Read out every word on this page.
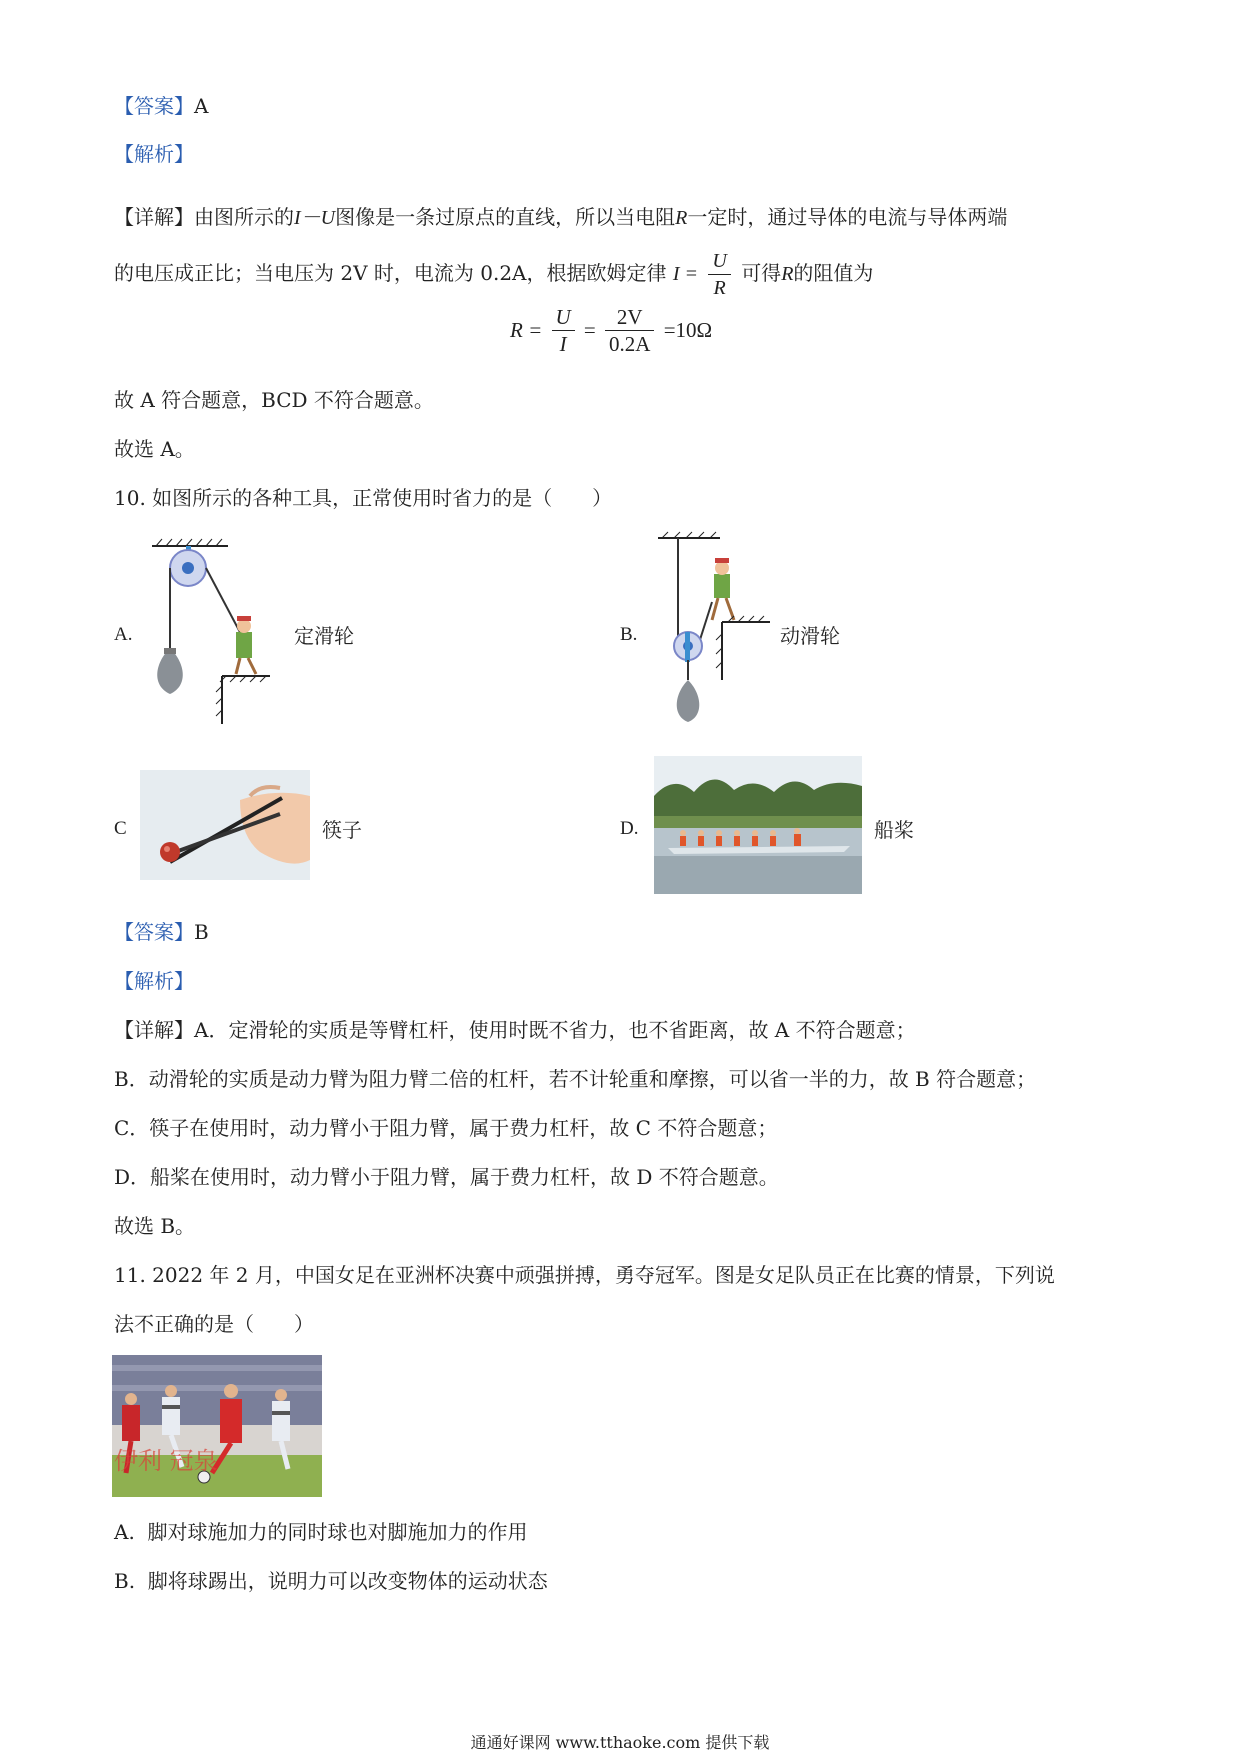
【答案】A
【解析】
【详解】由图所示的I－U图像是一条过原点的直线，所以当电阻R一定时，通过导体的电流与导体两端
的电压成正比；当电压为 2V 时，电流为 0.2A，根据欧姆定律 $I = \frac{U}{R}$ 可得R的阻值为
$R = \frac{U}{I} = \frac{2V}{0.2A} =10\Omega$
故 A 符合题意，BCD 不符合题意。
故选 A。
10. 如图所示的各种工具，正常使用时省力的是（　　）
A.	定滑轮	B.	动滑轮
C	筷子	D.	船桨
【答案】B
【解析】
【详解】A．定滑轮的实质是等臂杠杆，使用时既不省力，也不省距离，故 A 不符合题意；
B．动滑轮的实质是动力臂为阻力臂二倍的杠杆，若不计轮重和摩擦，可以省一半的力，故 B 符合题意；
C．筷子在使用时，动力臂小于阻力臂，属于费力杠杆，故 C 不符合题意；
D．船桨在使用时，动力臂小于阻力臂，属于费力杠杆，故 D 不符合题意。
故选 B。
11. 2022 年 2 月，中国女足在亚洲杯决赛中顽强拼搏，勇夺冠军。图是女足队员正在比赛的情景，下列说
法不正确的是（　　）
伊利 冠泉
A. 脚对球施加力的同时球也对脚施加力的作用
B. 脚将球踢出，说明力可以改变物体的运动状态
通通好课网 www.tthaoke.com 提供下载
